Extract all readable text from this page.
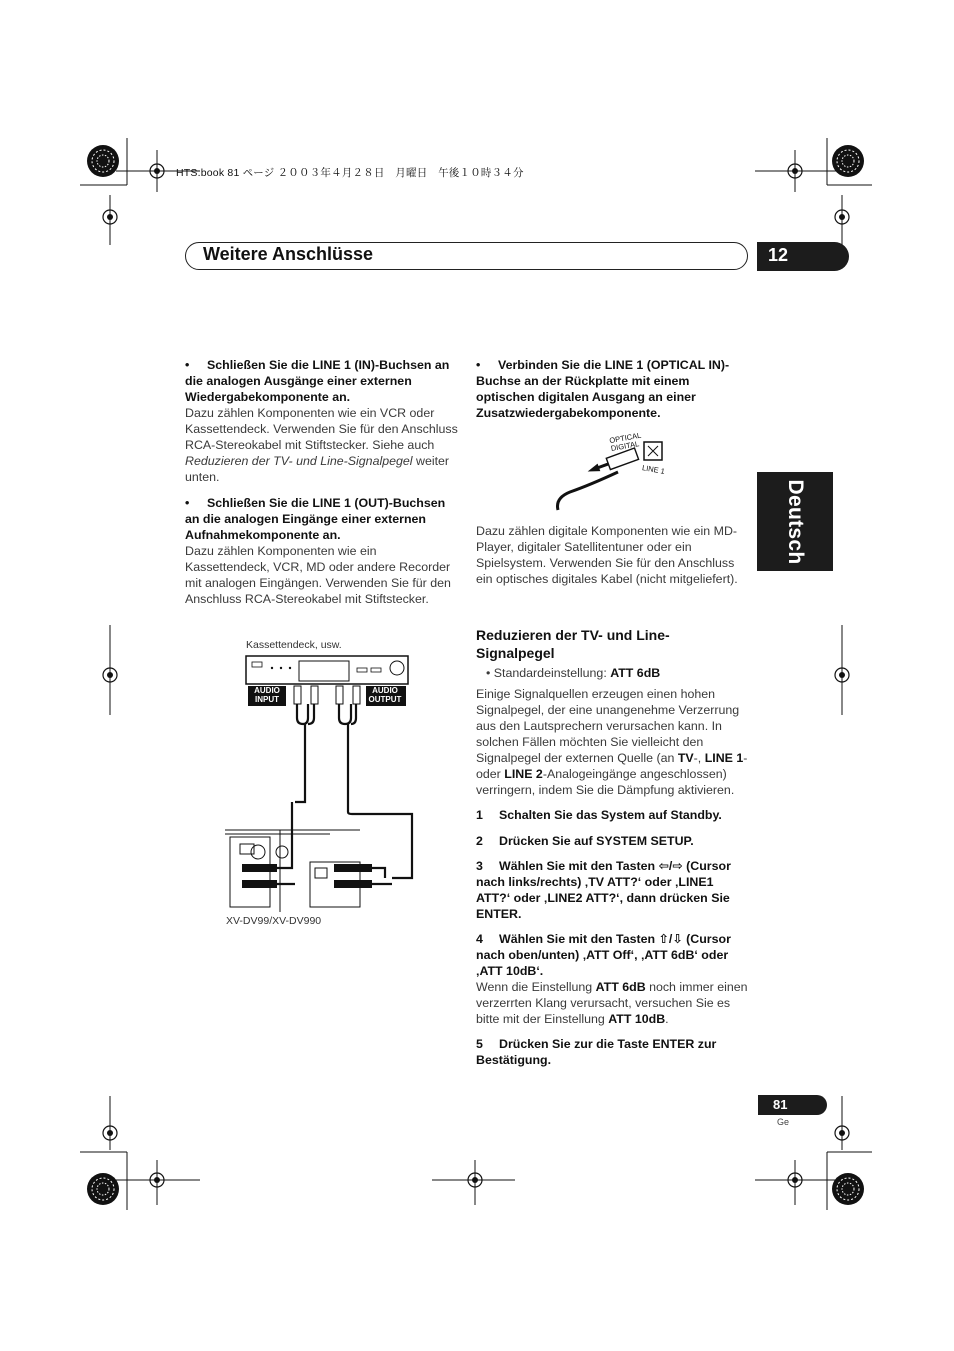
HTS.book 81 ページ ２００３年４月２８日　月曜日　午後１０時３４分
Weitere Anschlüsse	12
Deutsch

• Schließen Sie die LINE 1 (IN)-Buchsen an die analogen Ausgänge einer externen Wiedergabekomponente an.

Dazu zählen Komponenten wie ein VCR oder Kassettendeck. Verwenden Sie für den Anschluss RCA-Stereokabel mit Stiftstecker. Siehe auch Reduzieren der TV- und Line-Signalpegel weiter unten.

• Schließen Sie die LINE 1 (OUT)-Buchsen an die analogen Eingänge einer externen Aufnahmekomponente an.

Dazu zählen Komponenten wie ein Kassettendeck, VCR, MD oder andere Recorder mit analogen Eingängen. Verwenden Sie für den Anschluss RCA-Stereokabel mit Stiftstecker.

Kassettendeck, usw.
AUDIO INPUT
AUDIO OUTPUT
XV-DV99/XV-DV990

• Verbinden Sie die LINE 1 (OPTICAL IN)-Buchse an der Rückplatte mit einem optischen digitalen Ausgang an einer Zusatzwiedergabekomponente.

OPTICAL DIGITAL
LINE 1

Dazu zählen digitale Komponenten wie ein MD-Player, digitaler Satellitentuner oder ein Spielsystem. Verwenden Sie für den Anschluss ein optisches digitales Kabel (nicht mitgeliefert).

Reduzieren der TV- und Line-Signalpegel

• Standardeinstellung: ATT 6dB

Einige Signalquellen erzeugen einen hohen Signalpegel, der eine unangenehme Verzerrung aus den Lautsprechern verursachen kann. In solchen Fällen möchten Sie vielleicht den Signalpegel der externen Quelle (an TV-, LINE 1- oder LINE 2-Analogeingänge angeschlossen) verringern, indem Sie die Dämpfung aktivieren.

1 Schalten Sie das System auf Standby.

2 Drücken Sie auf SYSTEM SETUP.

3 Wählen Sie mit den Tasten ⇦/⇨ (Cursor nach links/rechts) ‚TV ATT?‘ oder ‚LINE1 ATT?‘ oder ‚LINE2 ATT?‘, dann drücken Sie ENTER.

4 Wählen Sie mit den Tasten ⇧/⇩ (Cursor nach oben/unten) ‚ATT Off‘, ‚ATT 6dB‘ oder ‚ATT 10dB‘.

Wenn die Einstellung ATT 6dB noch immer einen verzerrten Klang verursacht, versuchen Sie es bitte mit der Einstellung ATT 10dB.

5 Drücken Sie zur die Taste ENTER zur Bestätigung.

81
Ge
